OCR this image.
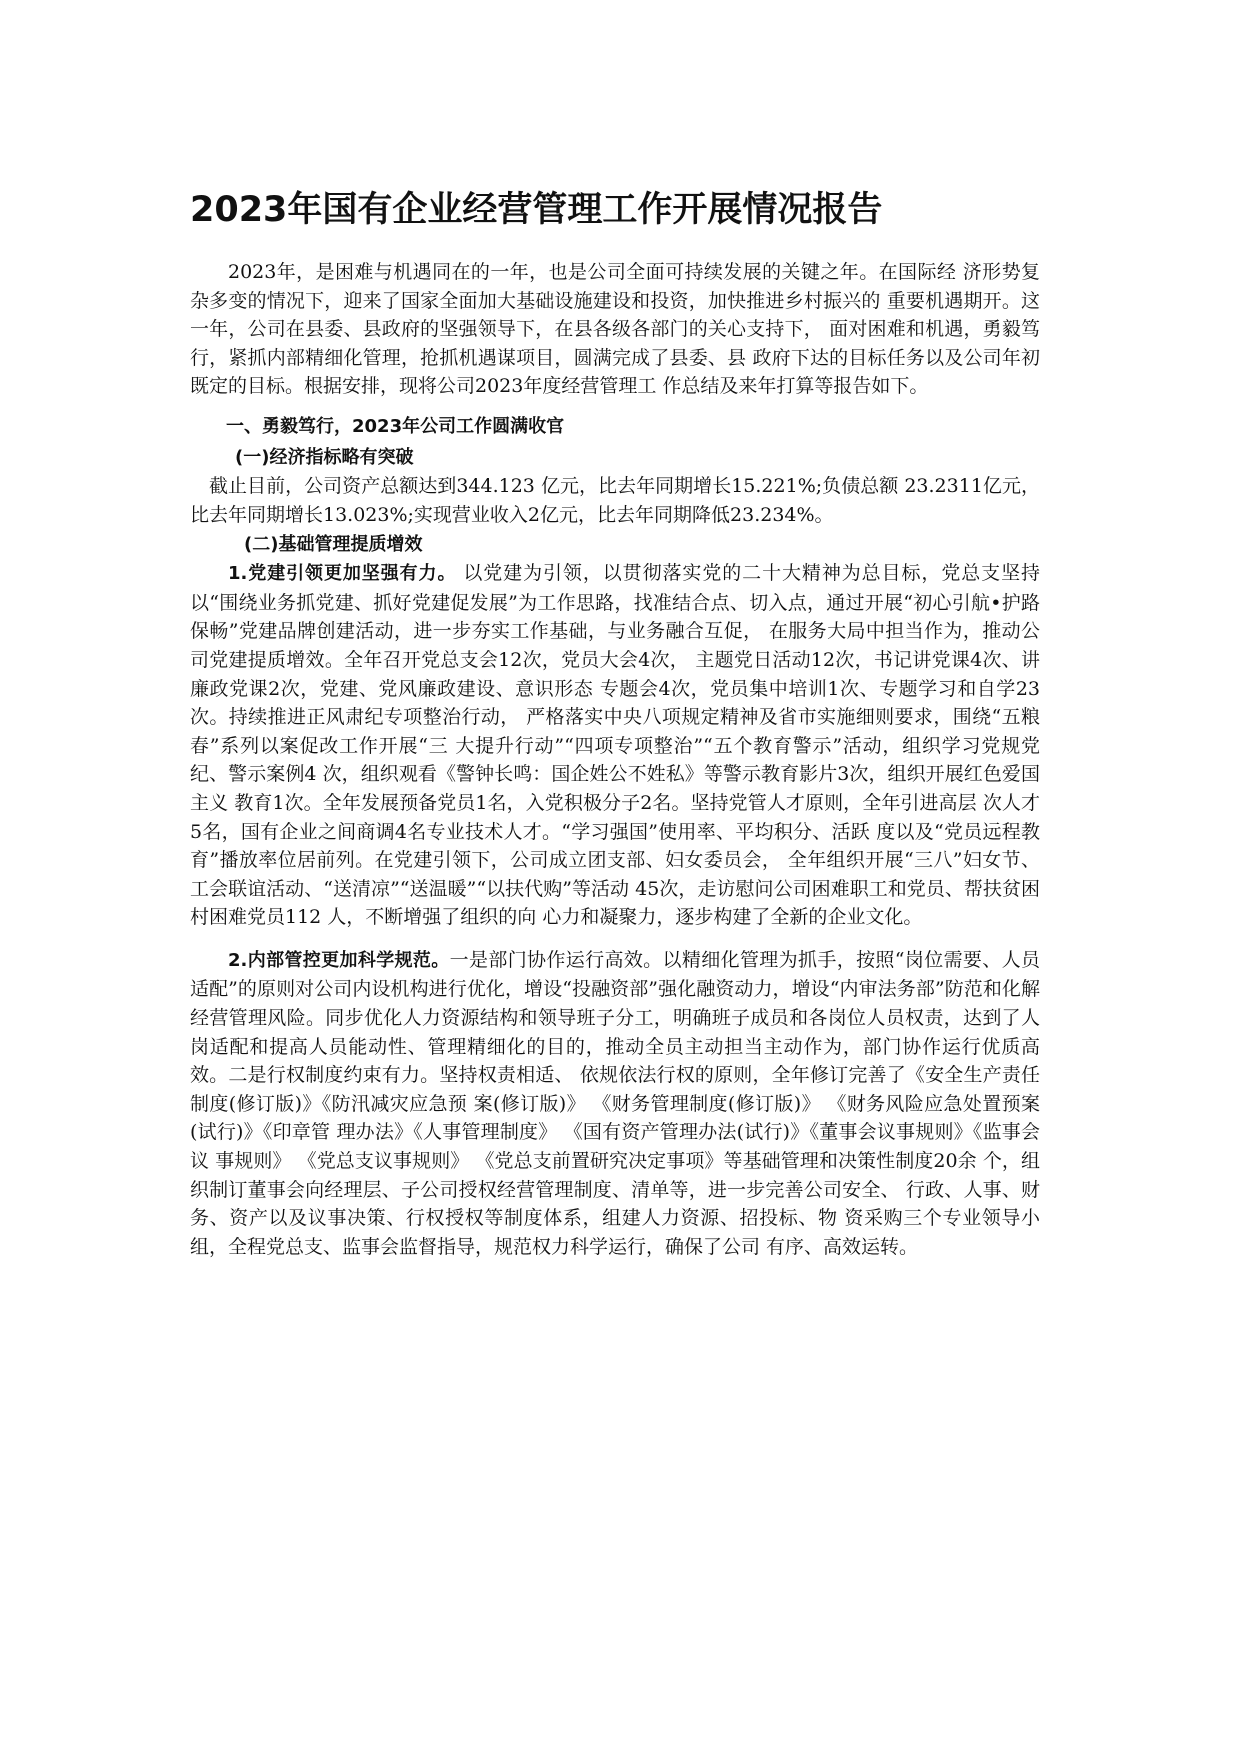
2023年国有企业经营管理工作开展情况报告

2023年，是困难与机遇同在的一年，也是公司全面可持续发展的关键之年。在国际经 济形势复杂多变的情况下，迎来了国家全面加大基础设施建设和投资，加快推进乡村振兴的 重要机遇期开。这一年，公司在县委、县政府的坚强领导下，在县各级各部门的关心支持下， 面对困难和机遇，勇毅笃行，紧抓内部精细化管理，抢抓机遇谋项目，圆满完成了县委、县 政府下达的目标任务以及公司年初既定的目标。根据安排，现将公司2023年度经营管理工 作总结及来年打算等报告如下。

一、勇毅笃行，2023年公司工作圆满收官

(一)经济指标略有突破

截止目前，公司资产总额达到344.123 亿元，比去年同期增长15.221%;负债总额 23.2311亿元，比去年同期增长13.023%;实现营业收入2亿元，比去年同期降低23.234%。

(二)基础管理提质增效

1.党建引领更加坚强有力。 以党建为引领，以贯彻落实党的二十大精神为总目标，党总支坚持以“围绕业务抓党建、抓好党建促发展”为工作思路，找准结合点、切入点，通过开展“初心引航•护路保畅”党建品牌创建活动，进一步夯实工作基础，与业务融合互促， 在服务大局中担当作为，推动公司党建提质增效。全年召开党总支会12次，党员大会4次， 主题党日活动12次，书记讲党课4次、讲廉政党课2次，党建、党风廉政建设、意识形态 专题会4次，党员集中培训1次、专题学习和自学23次。持续推进正风肃纪专项整治行动， 严格落实中央八项规定精神及省市实施细则要求，围绕“五粮春”系列以案促改工作开展“三 大提升行动”“四项专项整治”“五个教育警示”活动，组织学习党规党纪、警示案例4 次，组织观看《警钟长鸣：国企姓公不姓私》等警示教育影片3次，组织开展红色爱国主义 教育1次。全年发展预备党员1名，入党积极分子2名。坚持党管人才原则，全年引进高层 次人才5名，国有企业之间商调4名专业技术人才。“学习强国”使用率、平均积分、活跃 度以及“党员远程教育”播放率位居前列。在党建引领下，公司成立团支部、妇女委员会， 全年组织开展“三八”妇女节、工会联谊活动、“送清凉”“送温暖”“以扶代购”等活动 45次，走访慰问公司困难职工和党员、帮扶贫困村困难党员112 人，不断增强了组织的向 心力和凝聚力，逐步构建了全新的企业文化。

2.内部管控更加科学规范。一是部门协作运行高效。以精细化管理为抓手，按照“岗位需要、人员适配”的原则对公司内设机构进行优化，增设“投融资部”强化融资动力，增设“内审法务部”防范和化解经营管理风险。同步优化人力资源结构和领导班子分工，明确班子成员和各岗位人员权责，达到了人岗适配和提高人员能动性、管理精细化的目的，推动全员主动担当主动作为，部门协作运行优质高效。二是行权制度约束有力。坚持权责相适、 依规依法行权的原则，全年修订完善了《安全生产责任制度(修订版)》《防汛减灾应急预 案(修订版)》 《财务管理制度(修订版)》 《财务风险应急处置预案(试行)》《印章管 理办法》《人事管理制度》 《国有资产管理办法(试行)》《董事会议事规则》《监事会议 事规则》 《党总支议事规则》 《党总支前置研究决定事项》等基础管理和决策性制度20余 个，组织制订董事会向经理层、子公司授权经营管理制度、清单等，进一步完善公司安全、 行政、人事、财务、资产以及议事决策、行权授权等制度体系，组建人力资源、招投标、物 资采购三个专业领导小组，全程党总支、监事会监督指导，规范权力科学运行，确保了公司 有序、高效运转。
